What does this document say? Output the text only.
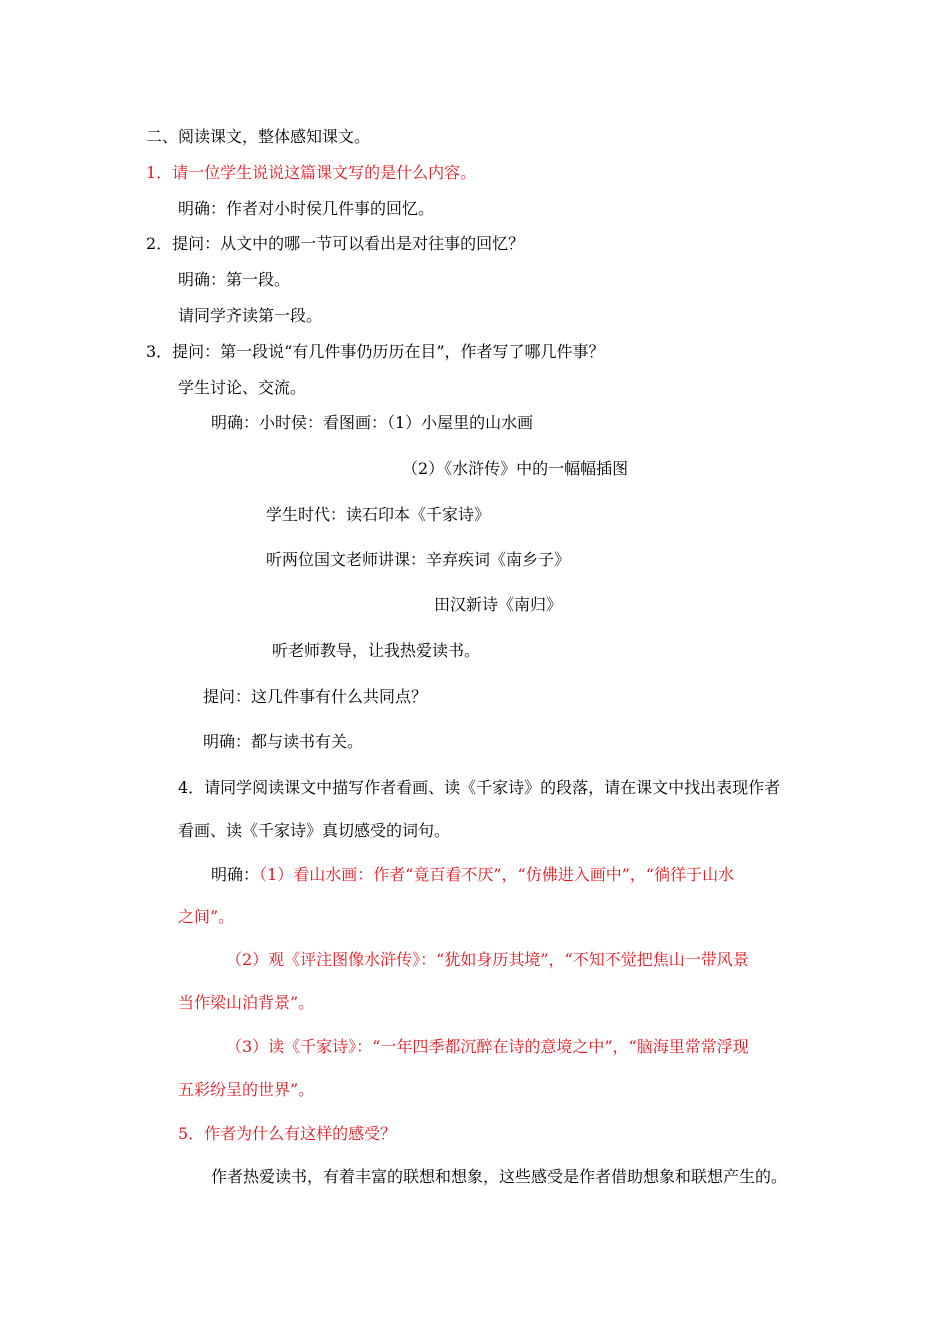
二、阅读课文，整体感知课文。

1．请一位学生说说这篇课文写的是什么内容。

明确：作者对小时侯几件事的回忆。

2．提问：从文中的哪一节可以看出是对往事的回忆？

明确：第一段。

请同学齐读第一段。

3．提问：第一段说“有几件事仍历历在目”，作者写了哪几件事？

学生讨论、交流。

明确：小时侯：看图画：（1）小屋里的山水画

（2）《水浒传》中的一幅幅插图

学生时代：读石印本《千家诗》

听两位国文老师讲课：辛弃疾词《南乡子》

田汉新诗《南归》

听老师教导，让我热爱读书。

提问：这几件事有什么共同点？

明确：都与读书有关。

4．请同学阅读课文中描写作者看画、读《千家诗》的段落，请在课文中找出表现作者

看画、读《千家诗》真切感受的词句。

明确：（1）看山水画：作者“竟百看不厌”，“仿佛进入画中”，“徜徉于山水

之间”。

（2）观《评注图像水浒传》：“犹如身历其境”，“不知不觉把焦山一带风景

当作梁山泊背景”。

（3）读《千家诗》：“一年四季都沉醉在诗的意境之中”，“脑海里常常浮现

五彩纷呈的世界”。

5．作者为什么有这样的感受？

作者热爱读书，有着丰富的联想和想象，这些感受是作者借助想象和联想产生的。
